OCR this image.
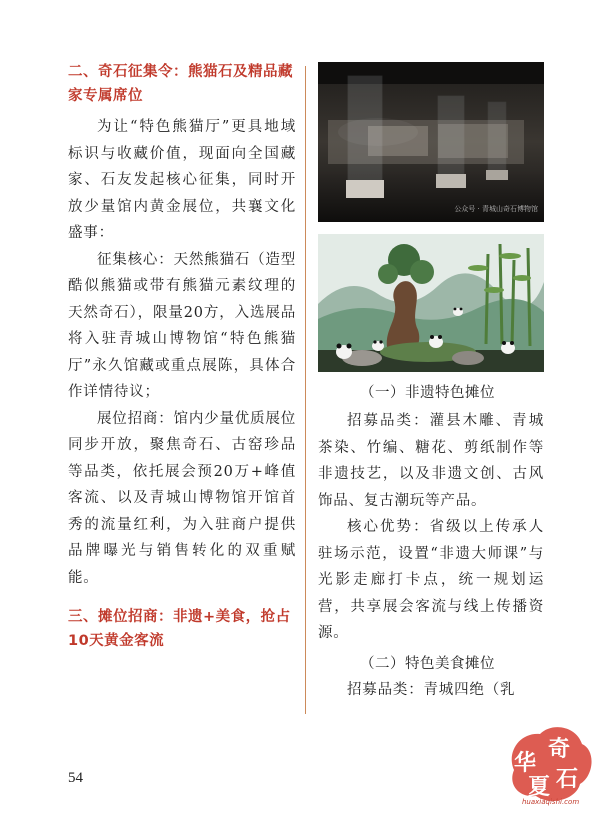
二、奇石征集令：熊猫石及精品藏家专属席位

为让“特色熊猫厅”更具地域标识与收藏价值，现面向全国藏家、石友发起核心征集，同时开放少量馆内黄金展位，共襄文化盛事：

征集核心：天然熊猫石（造型酷似熊猫或带有熊猫元素纹理的天然奇石），限量20方，入选展品将入驻青城山博物馆“特色熊猫厅”永久馆藏或重点展陈，具体合作详情待议；

展位招商：馆内少量优质展位同步开放，聚焦奇石、古窑珍品等品类，依托展会预20万+峰值客流、以及青城山博物馆开馆首秀的流量红利，为入驻商户提供品牌曝光与销售转化的双重赋能。

三、摊位招商：非遗+美食，抢占10天黄金客流
公众号 · 青城山奇石博物馆
（一）非遗特色摊位

招募品类：灌县木雕、青城茶染、竹编、糖花、剪纸制作等非遗技艺，以及非遗文创、古风饰品、复古潮玩等产品。

核心优势：省级以上传承人驻场示范，设置“非遗大师课”与光影走廊打卡点，统一规划运营，共享展会客流与线上传播资源。

（二）特色美食摊位

招募品类：青城四绝（乳

54
华
奇
夏 石
huaxiaqishi.com
